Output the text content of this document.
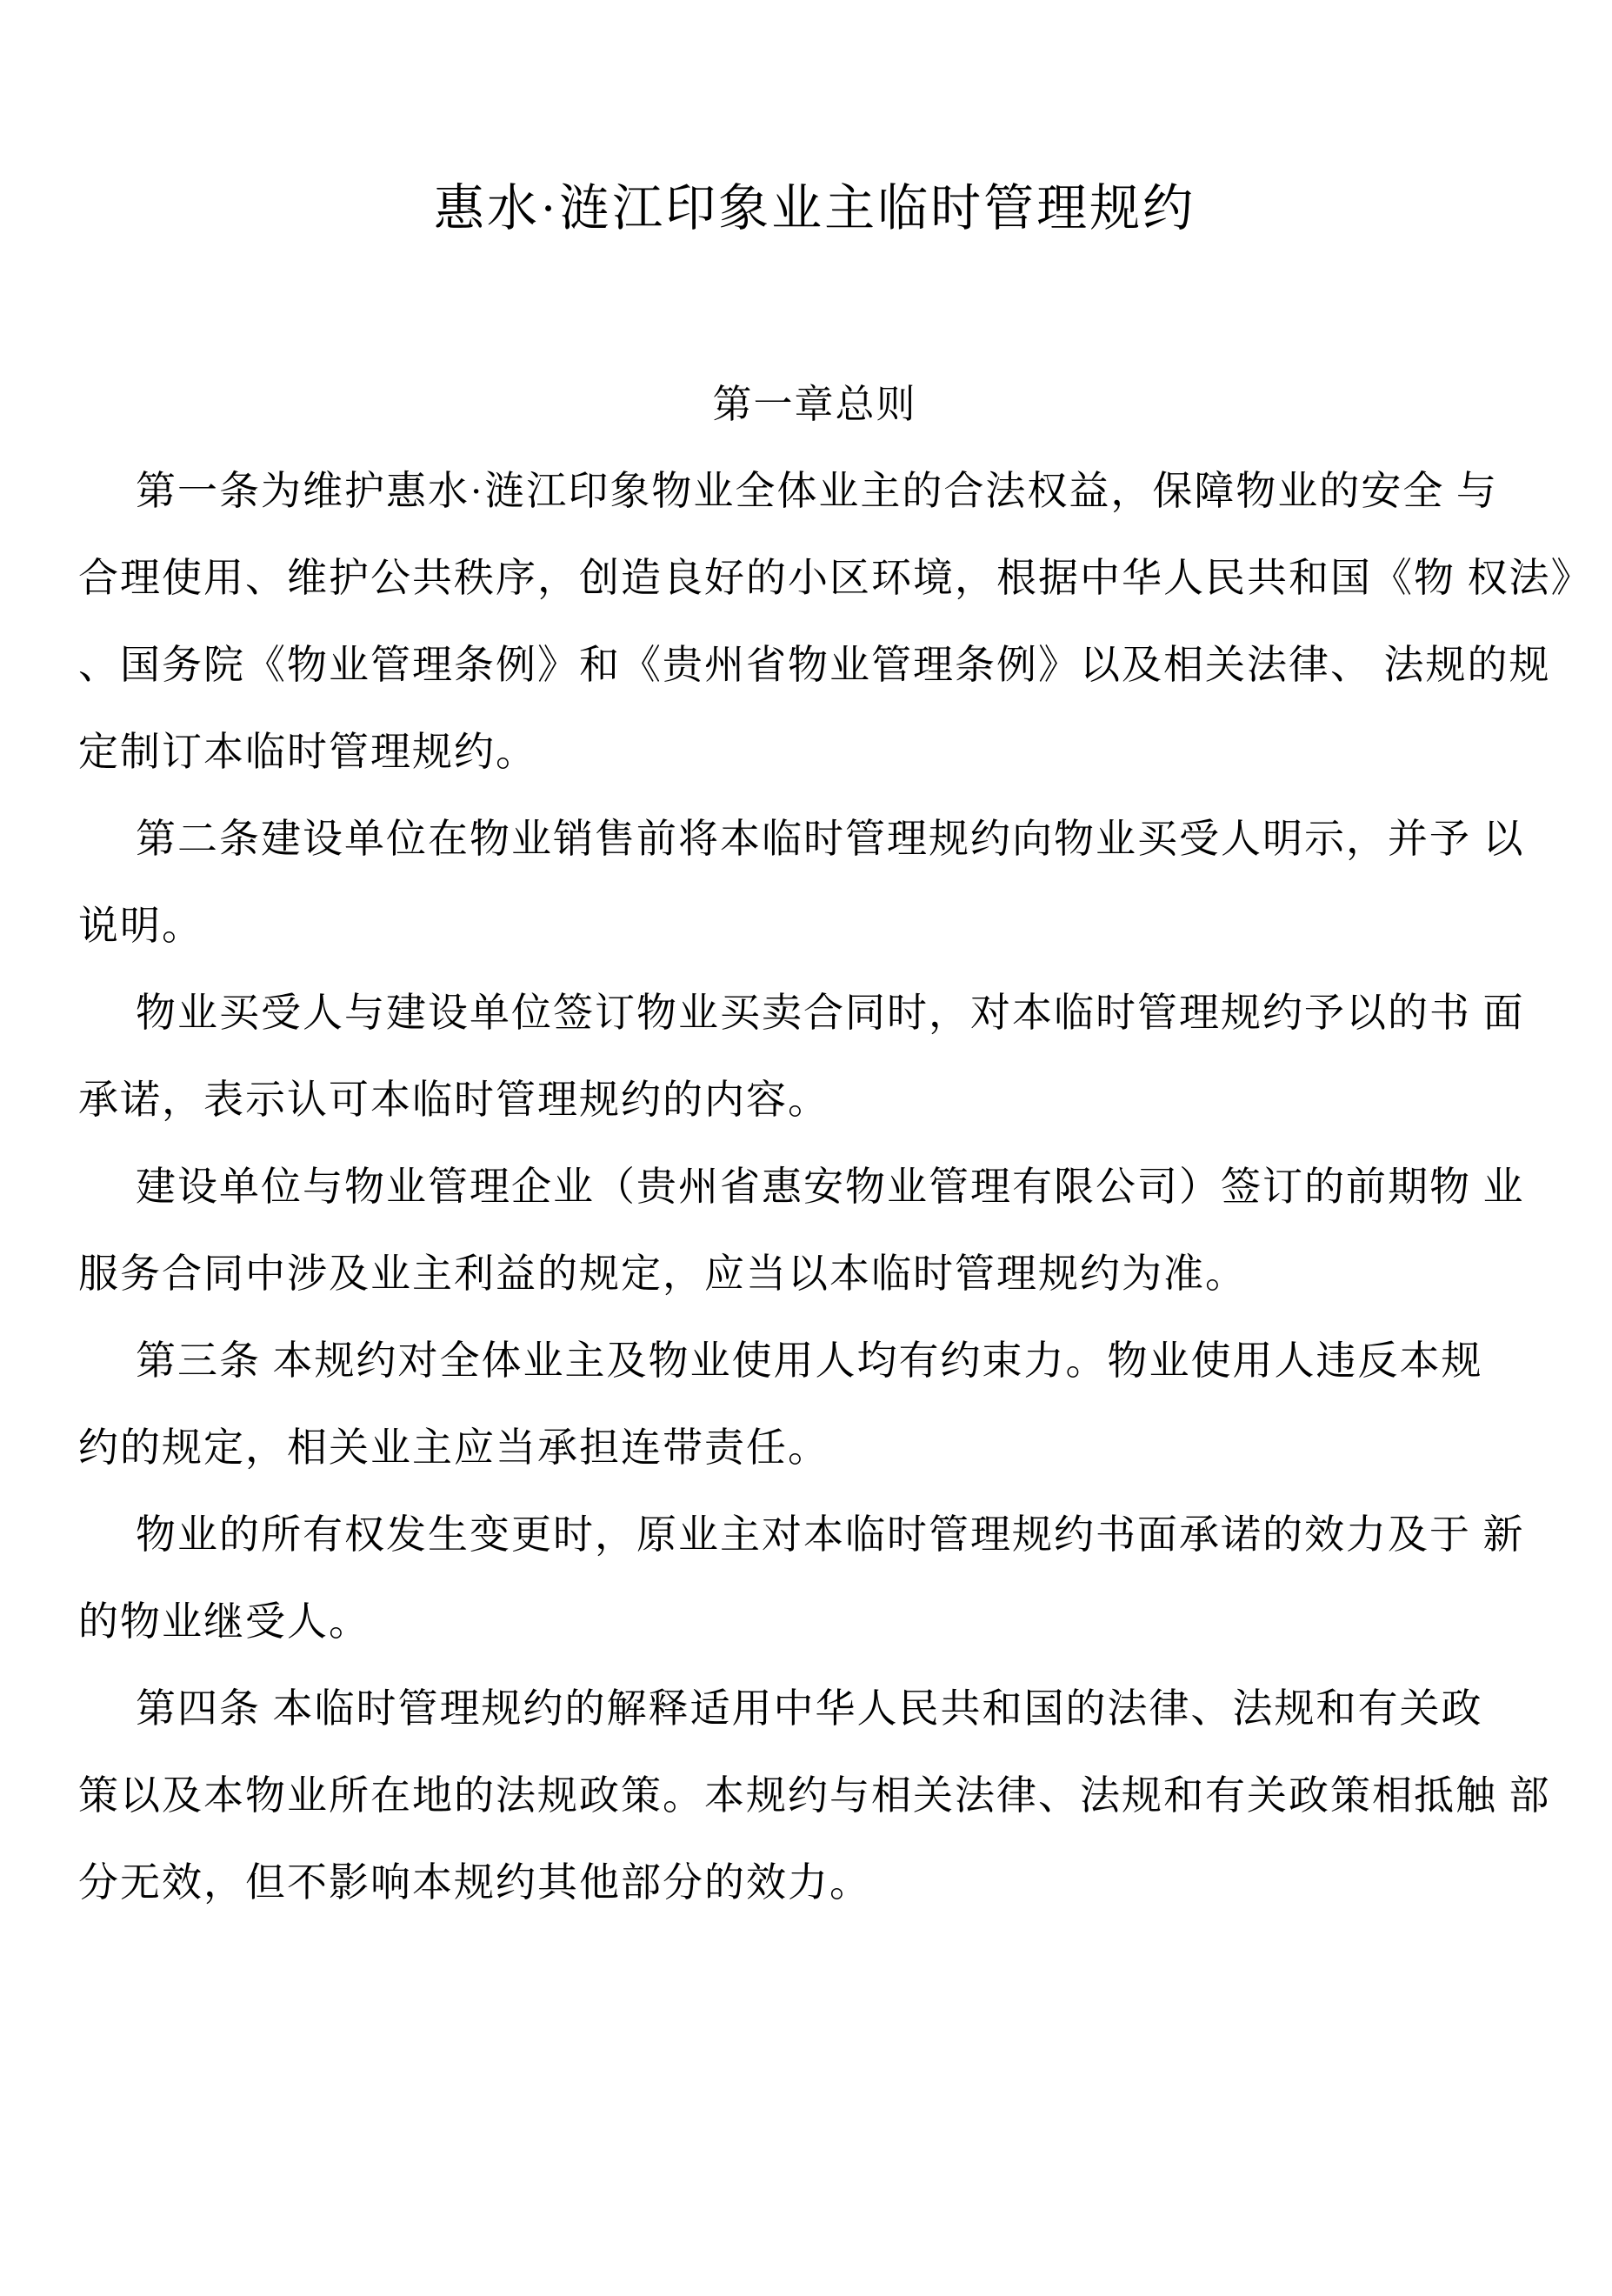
惠水·涟江印象业主临时管理规约
第一章总则
第一条为维护惠水·涟江印象物业全体业主的合法权益，保障物业的安全 与
合理使用、维护公共秩序，创造良好的小区环境，根据中华人民共和国《物 权法》
、国务院《物业管理条例》和《贵州省物业管理条例》以及相关法律、 法规的规
定制订本临时管理规约。
第二条建设单位在物业销售前将本临时管理规约向物业买受人明示，并予 以
说明。
物业买受人与建设单位签订物业买卖合同时，对本临时管理规约予以的书 面
承诺，表示认可本临时管理规约的内容。
建设单位与物业管理企业（贵州省惠安物业管理有限公司）签订的前期物 业
服务合同中涉及业主利益的规定，应当以本临时管理规约为准。
第三条 本规约对全体业主及物业使用人均有约束力。物业使用人违反本规
约的规定，相关业主应当承担连带责任。
物业的所有权发生变更时，原业主对本临时管理规约书面承诺的效力及于 新
的物业继受人。
第四条 本临时管理规约的解释适用中华人民共和国的法律、法规和有关政
策以及本物业所在地的法规政策。本规约与相关法律、法规和有关政策相抵触 部
分无效，但不影响本规约其他部分的效力。
